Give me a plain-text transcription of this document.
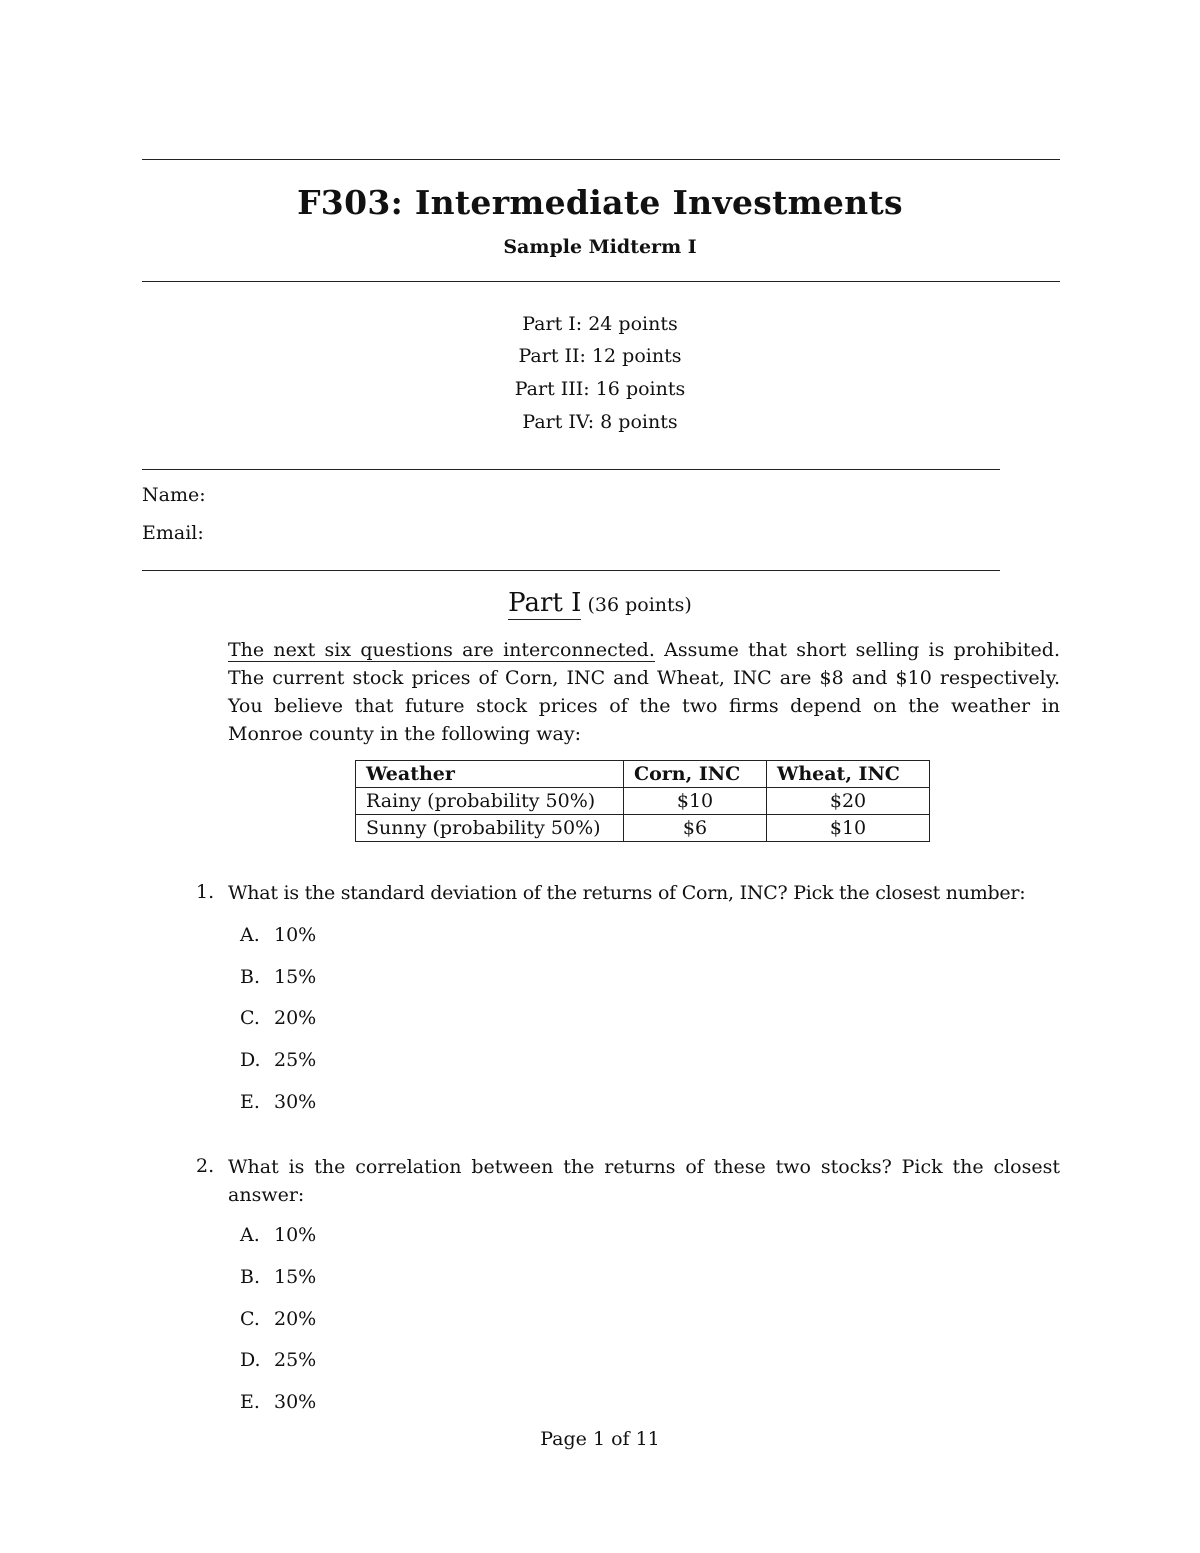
F303: Intermediate Investments
Sample Midterm I
Part I: 24 points
Part II: 12 points
Part III: 16 points
Part IV: 8 points
Name:
Email:
Part I (36 points)
The next six questions are interconnected. Assume that short selling is prohibited. The current stock prices of Corn, INC and Wheat, INC are $8 and $10 respectively. You believe that future stock prices of the two firms depend on the weather in Monroe county in the following way:
Weather	Corn, INC	Wheat, INC
Rainy (probability 50%)	$10	$20
Sunny (probability 50%)	$6	$10
1. What is the standard deviation of the returns of Corn, INC? Pick the closest number:
A. 10%
B. 15%
C. 20%
D. 25%
E. 30%
2. What is the correlation between the returns of these two stocks? Pick the closest answer:
A. 10%
B. 15%
C. 20%
D. 25%
E. 30%
Page 1 of 11
